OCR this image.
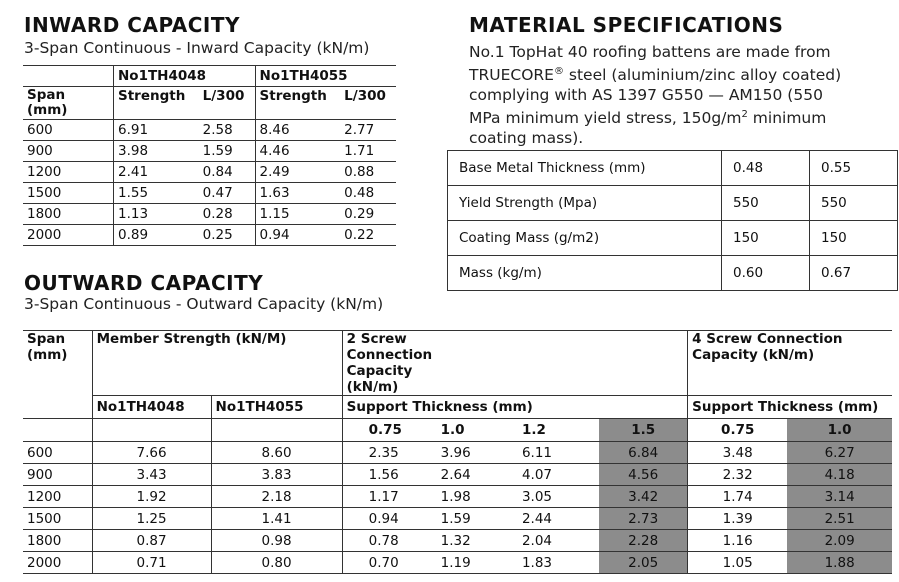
INWARD CAPACITY
3-Span Continuous - Inward Capacity (kN/m)
	No1TH4048		No1TH4055	
Span (mm)	Strength	L/300	Strength	L/300
600	6.91	2.58	8.46	2.77
900	3.98	1.59	4.46	1.71
1200	2.41	0.84	2.49	0.88
1500	1.55	0.47	1.63	0.48
1800	1.13	0.28	1.15	0.29
2000	0.89	0.25	0.94	0.22
MATERIAL SPECIFICATIONS
No.1 TopHat 40 roofing battens are made from TRUECORE® steel (aluminium/zinc alloy coated) complying with AS 1397 G550 — AM150 (550 MPa minimum yield stress, $150g/m^2$ minimum coating mass).
Base Metal Thickness (mm)	0.48	0.55
Yield Strength (Mpa)	550	550
Coating Mass (g/m2)	150	150
Mass (kg/m)	0.60	0.67
OUTWARD CAPACITY
3-Span Continuous - Outward Capacity (kN/m)
Span (mm)	Member Strength (kN/M)		2 Screw Connection Capacity (kN/m)				4 Screw Connection Capacity (kN/m)	

	No1TH4048	No1TH4055	Support Thickness (mm)				Support Thickness (mm)	
			0.75	1.0	1.2	1.5	0.75	1.0
600	7.66	8.60	2.35	3.96	6.11	6.84	3.48	6.27
900	3.43	3.83	1.56	2.64	4.07	4.56	2.32	4.18
1200	1.92	2.18	1.17	1.98	3.05	3.42	1.74	3.14
1500	1.25	1.41	0.94	1.59	2.44	2.73	1.39	2.51
1800	0.87	0.98	0.78	1.32	2.04	2.28	1.16	2.09
2000	0.71	0.80	0.70	1.19	1.83	2.05	1.05	1.88
